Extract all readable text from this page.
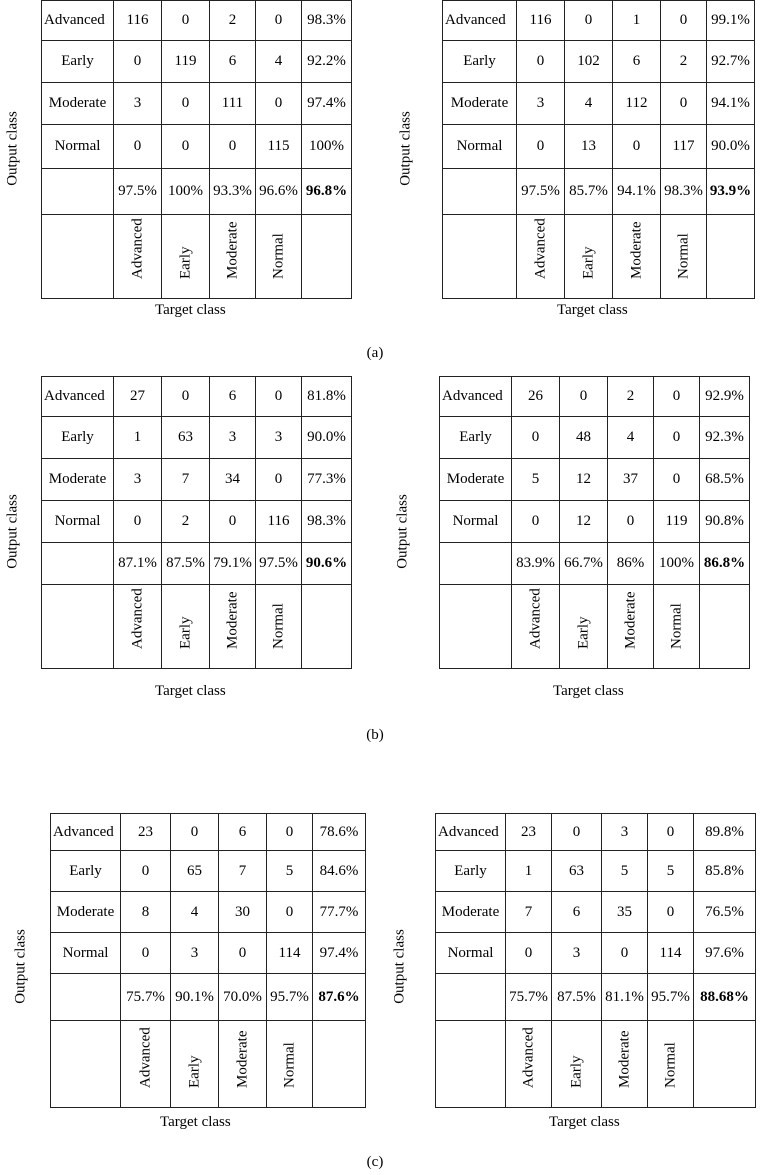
Output class
Advanced	116	0	2	0	98.3%
Early	0	119	6	4	92.2%
Moderate	3	0	111	0	97.4%
Normal	0	0	0	115	100%
	97.5%	100%	93.3%	96.6%	96.8%

	Advanced	Early	Moderate	Normal	

Target class
Output class
Advanced	116	0	1	0	99.1%
Early	0	102	6	2	92.7%
Moderate	3	4	112	0	94.1%
Normal	0	13	0	117	90.0%
	97.5%	85.7%	94.1%	98.3%	93.9%

	Advanced	Early	Moderate	Normal	

Target class
(a)
Output class
Advanced	27	0	6	0	81.8%
Early	1	63	3	3	90.0%
Moderate	3	7	34	0	77.3%
Normal	0	2	0	116	98.3%
	87.1%	87.5%	79.1%	97.5%	90.6%

	Advanced	Early	Moderate	Normal	

Target class
Output class
Advanced	26	0	2	0	92.9%
Early	0	48	4	0	92.3%
Moderate	5	12	37	0	68.5%
Normal	0	12	0	119	90.8%
	83.9%	66.7%	86%	100%	86.8%

	Advanced	Early	Moderate	Normal	

Target class
(b)
Output class
Advanced	23	0	6	0	78.6%
Early	0	65	7	5	84.6%
Moderate	8	4	30	0	77.7%
Normal	0	3	0	114	97.4%
	75.7%	90.1%	70.0%	95.7%	87.6%

	Advanced	Early	Moderate	Normal	

Target class
Output class
Advanced	23	0	3	0	89.8%
Early	1	63	5	5	85.8%
Moderate	7	6	35	0	76.5%
Normal	0	3	0	114	97.6%
	75.7%	87.5%	81.1%	95.7%	88.68%

	Advanced	Early	Moderate	Normal	

Target class
(c)
